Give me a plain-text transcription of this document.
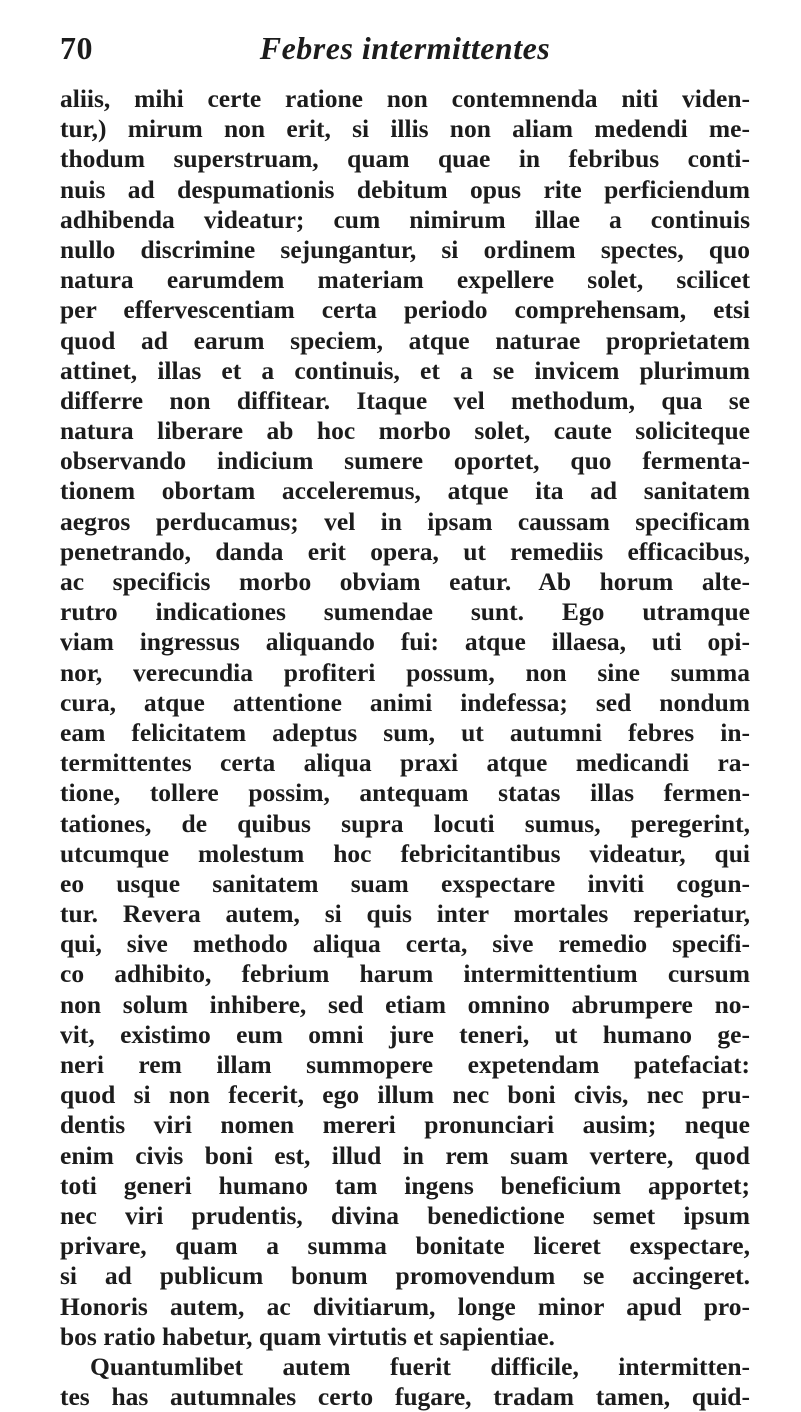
70	Febres intermittentes
aliis, mihi certe ratione non contemnenda niti viden-
tur,) mirum non erit, si illis non aliam medendi me-
thodum superstruam, quam quae in febribus conti-
nuis ad despumationis debitum opus rite perficiendum
adhibenda videatur; cum nimirum illae a continuis
nullo discrimine sejungantur, si ordinem spectes, quo
natura earumdem materiam expellere solet, scilicet
per effervescentiam certa periodo comprehensam, etsi
quod ad earum speciem, atque naturae proprietatem
attinet, illas et a continuis, et a se invicem plurimum
differre non diffitear. Itaque vel methodum, qua se
natura liberare ab hoc morbo solet, caute soliciteque
observando indicium sumere oportet, quo fermenta-
tionem obortam acceleremus, atque ita ad sanitatem
aegros perducamus; vel in ipsam caussam specificam
penetrando, danda erit opera, ut remediis efficacibus,
ac specificis morbo obviam eatur. Ab horum alte-
rutro indicationes sumendae sunt. Ego utramque
viam ingressus aliquando fui: atque illaesa, uti opi-
nor, verecundia profiteri possum, non sine summa
cura, atque attentione animi indefessa; sed nondum
eam felicitatem adeptus sum, ut autumni febres in-
termittentes certa aliqua praxi atque medicandi ra-
tione, tollere possim, antequam statas illas fermen-
tationes, de quibus supra locuti sumus, peregerint,
utcumque molestum hoc febricitantibus videatur, qui
eo usque sanitatem suam exspectare inviti cogun-
tur. Revera autem, si quis inter mortales reperiatur,
qui, sive methodo aliqua certa, sive remedio specifi-
co adhibito, febrium harum intermittentium cursum
non solum inhibere, sed etiam omnino abrumpere no-
vit, existimo eum omni jure teneri, ut humano ge-
neri rem illam summopere expetendam patefaciat:
quod si non fecerit, ego illum nec boni civis, nec pru-
dentis viri nomen mereri pronunciari ausim; neque
enim civis boni est, illud in rem suam vertere, quod
toti generi humano tam ingens beneficium apportet;
nec viri prudentis, divina benedictione semet ipsum
privare, quam a summa bonitate liceret exspectare,
si ad publicum bonum promovendum se accingeret.
Honoris autem, ac divitiarum, longe minor apud pro-
bos ratio habetur, quam virtutis et sapientiae.
Quantumlibet autem fuerit difficile, intermitten-
tes has autumnales certo fugare, tradam tamen, quid-
